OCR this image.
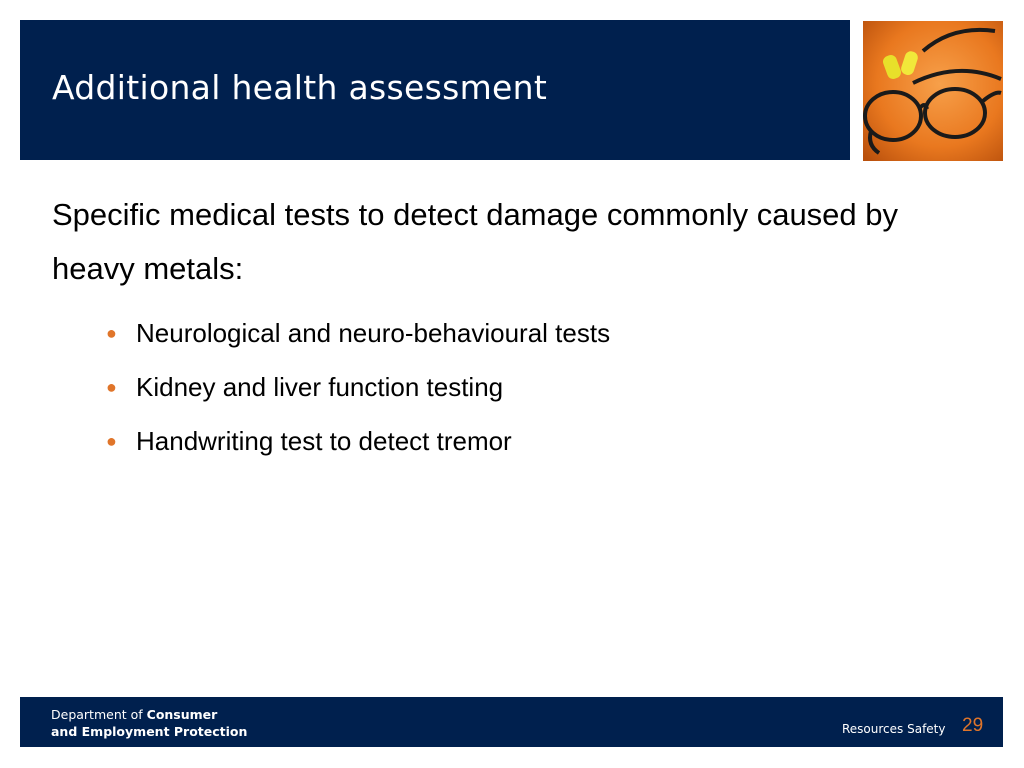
Additional health assessment

Specific medical tests to detect damage commonly caused by heavy metals:

● Neurological and neuro-behavioural tests
● Kidney and liver function testing
● Handwriting test to detect tremor
Department of Consumer
and Employment Protection	Resources Safety 29
